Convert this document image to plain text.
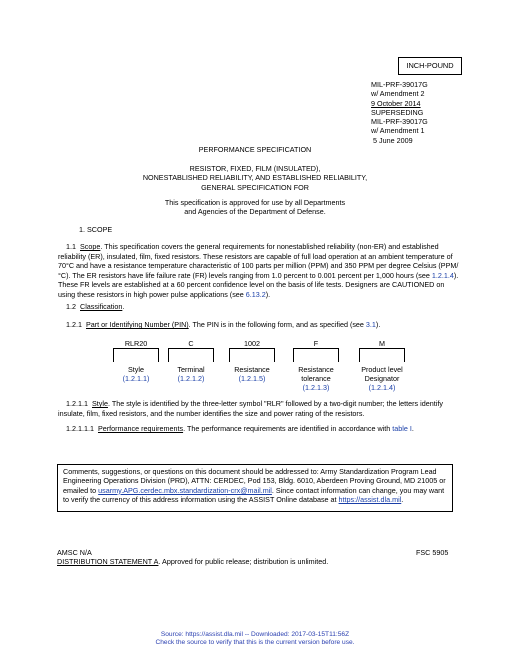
INCH-POUND
MIL-PRF-39017G
w/ Amendment 2
9 October 2014
SUPERSEDING
MIL-PRF-39017G
w/ Amendment 1
5 June 2009
PERFORMANCE SPECIFICATION
RESISTOR, FIXED, FILM (INSULATED),
NONESTABLISHED RELIABILITY, AND ESTABLISHED RELIABILITY,
GENERAL SPECIFICATION FOR
This specification is approved for use by all Departments
and Agencies of the Department of Defense.
1. SCOPE

1.1 Scope. This specification covers the general requirements for nonestablished reliability (non-ER) and established reliability (ER), insulated, film, fixed resistors. These resistors are capable of full load operation at an ambient temperature of 70°C and have a resistance temperature characteristic of 100 parts per million (PPM) and 350 PPM per degree Celsius (PPM/°C). The ER resistors have life failure rate (FR) levels ranging from 1.0 percent to 0.001 percent per 1,000 hours (see 1.2.1.4). These FR levels are established at a 60 percent confidence level on the basis of life tests. Designers are CAUTIONED on using these resistors in high power pulse applications (see 6.13.2).

1.2 Classification.
1.2.1 Part or Identifying Number (PIN). The PIN is in the following form, and as specified (see 3.1).
RLR20
Style
(1.2.1.1)
C
Terminal
(1.2.1.2)
1002
Resistance
(1.2.1.5)
F
Resistance
tolerance
(1.2.1.3)
M
Product level
Designator
(1.2.1.4)

1.2.1.1 Style. The style is identified by the three-letter symbol "RLR" followed by a two-digit number; the letters identify insulate, film, fixed resistors, and the number identifies the size and power rating of the resistors.

1.2.1.1.1 Performance requirements. The performance requirements are identified in accordance with table I.
Comments, suggestions, or questions on this document should be addressed to: Army Standardization Program Lead Engineering Operations Division (PRD), ATTN: CERDEC, Pod 153, Bldg. 6010, Aberdeen Proving Ground, MD 21005 or emailed to usarmy.APG.cerdec.mbx.standardization-crx@mail.mil. Since contact information can change, you may want to verify the currency of this address information using the ASSIST Online database at https://assist.dla.mil.
AMSC N/A	FSC 5905
DISTRIBUTION STATEMENT A. Approved for public release; distribution is unlimited.
Source: https://assist.dla.mil -- Downloaded: 2017-03-15T11:56Z
Check the source to verify that this is the current version before use.
